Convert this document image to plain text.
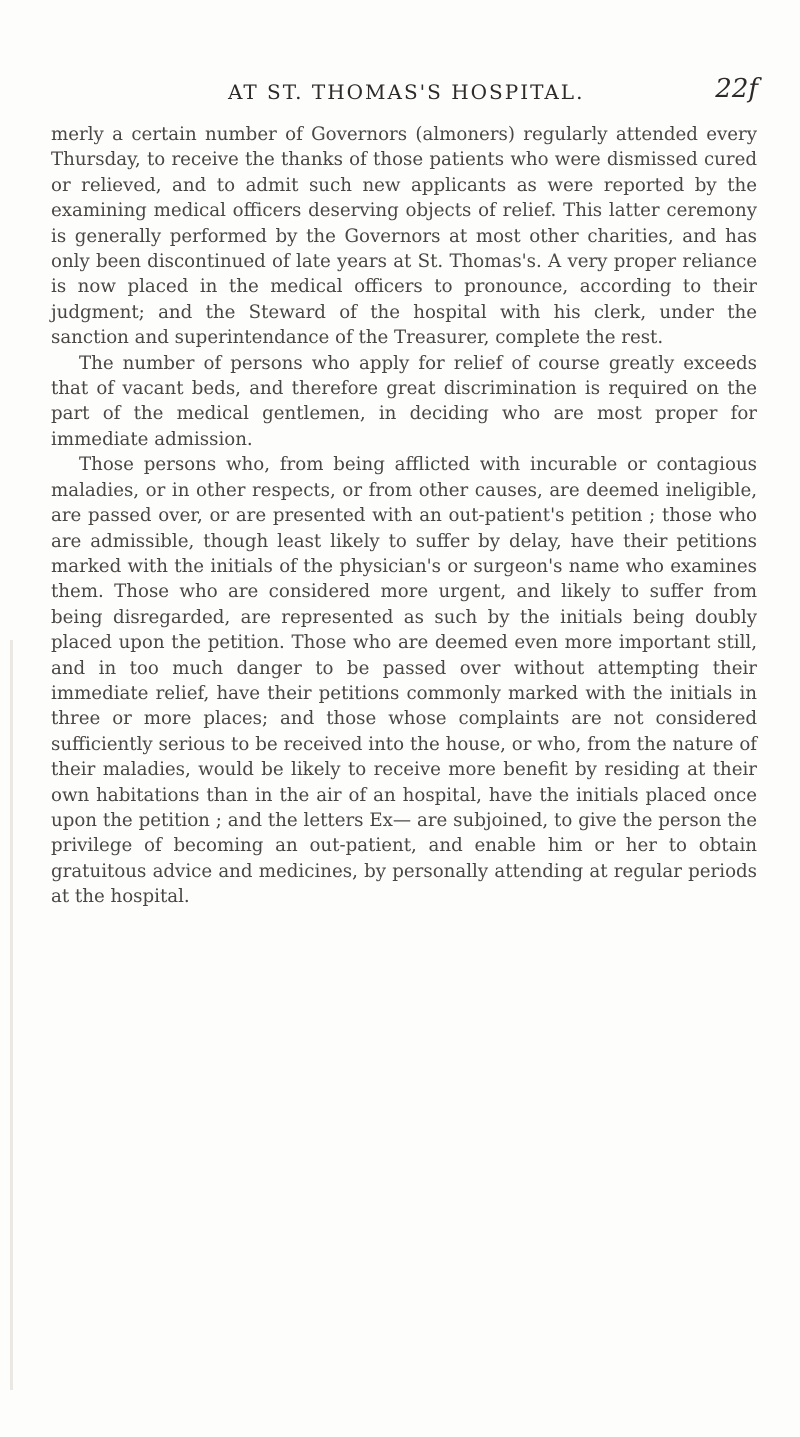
AT ST. THOMAS'S HOSPITAL.	22f

merly a certain number of Governors (almoners) regularly attended every Thursday, to receive the thanks of those patients who were dismissed cured or relieved, and to admit such new applicants as were reported by the examining medical officers deserving objects of relief. This latter ceremony is generally performed by the Governors at most other charities, and has only been discontinued of late years at St. Thomas's. A very proper reliance is now placed in the medical officers to pronounce, according to their judgment; and the Steward of the hospital with his clerk, under the sanction and superintendance of the Treasurer, complete the rest.

The number of persons who apply for relief of course greatly exceeds that of vacant beds, and therefore great discrimination is required on the part of the medical gentlemen, in deciding who are most proper for immediate admission.

Those persons who, from being afflicted with incurable or contagious maladies, or in other respects, or from other causes, are deemed ineligible, are passed over, or are presented with an out-patient's petition ; those who are admissible, though least likely to suffer by delay, have their petitions marked with the initials of the physician's or surgeon's name who examines them. Those who are considered more urgent, and likely to suffer from being disregarded, are represented as such by the initials being doubly placed upon the petition. Those who are deemed even more important still, and in too much danger to be passed over without attempting their immediate relief, have their petitions commonly marked with the initials in three or more places; and those whose complaints are not considered sufficiently serious to be received into the house, or who, from the nature of their maladies, would be likely to receive more benefit by residing at their own habitations than in the air of an hospital, have the initials placed once upon the petition ; and the letters Ex— are subjoined, to give the person the privilege of becoming an out-patient, and enable him or her to obtain gratuitous advice and medicines, by personally attending at regular periods at the hospital.
